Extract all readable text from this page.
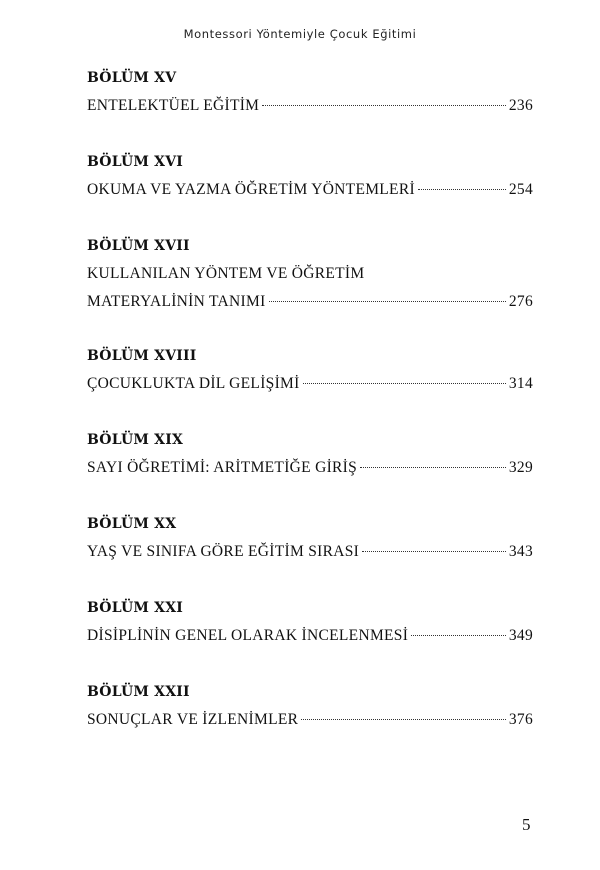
Montessori Yöntemiyle Çocuk Eğitimi
BÖLÜM XV
ENTELEKTÜEL EĞİTİM	236
BÖLÜM XVI
OKUMA VE YAZMA ÖĞRETİM YÖNTEMLERİ	254
BÖLÜM XVII
KULLANILAN YÖNTEM VE ÖĞRETİM
MATERYALİNİN TANIMI	276
BÖLÜM XVIII
ÇOCUKLUKTA DİL GELİŞİMİ	314
BÖLÜM XIX
SAYI ÖĞRETİMİ: ARİTMETİĞE GİRİŞ	329
BÖLÜM XX
YAŞ VE SINIFA GÖRE EĞİTİM SIRASI	343
BÖLÜM XXI
DİSİPLİNİN GENEL OLARAK İNCELENMESİ	349
BÖLÜM XXII
SONUÇLAR VE İZLENİMLER	376
5
